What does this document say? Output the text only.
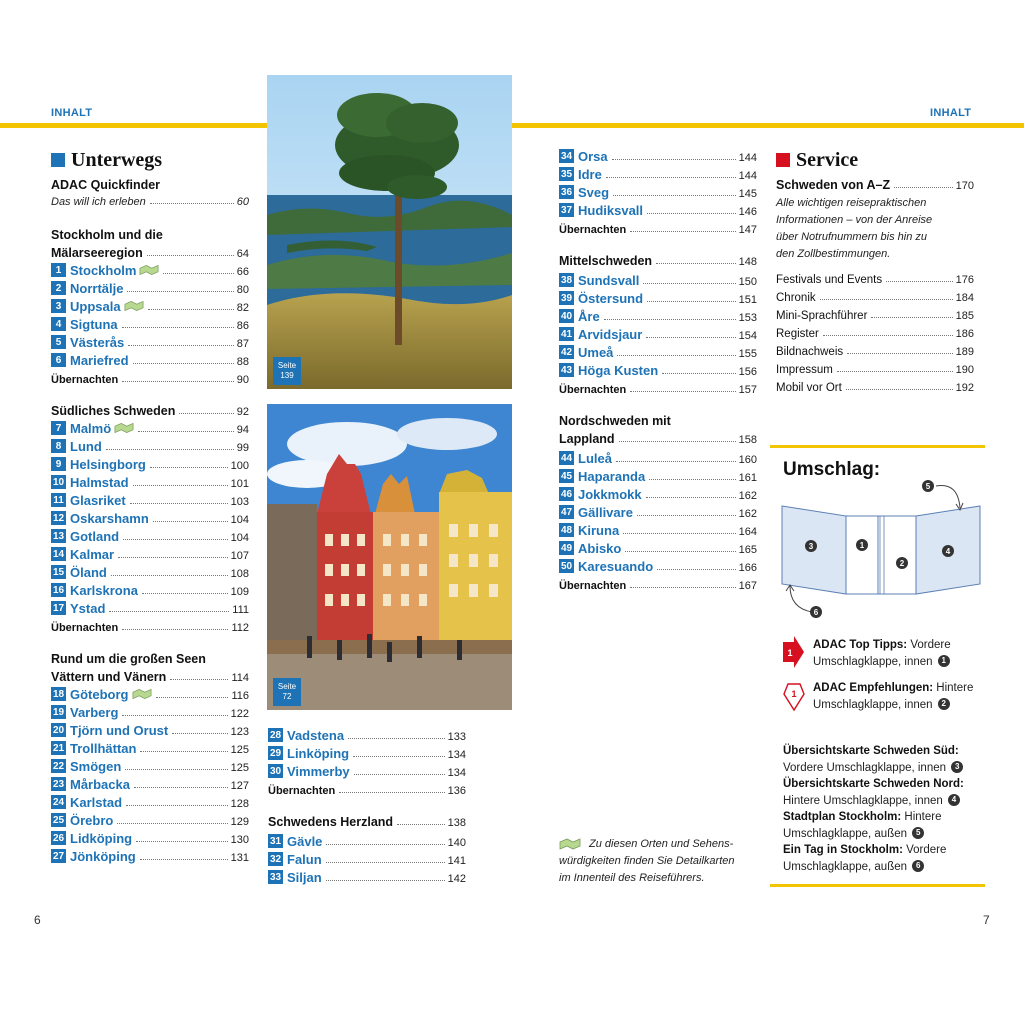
INHALT	INHALT
Unterwegs
ADAC Quickfinder
Das will ich erleben	60
Stockholm und die
Mälarseeregion	64
1 Stockholm	66
2 Norrtälje	80
3 Uppsala	82
4 Sigtuna	86
5 Västerås	87
6 Mariefred	88
Übernachten	90
Südliches Schweden	92
7 Malmö	94
8 Lund	99
9 Helsingborg	100
10 Halmstad	101
11 Glasriket	103
12 Oskarshamn	104
13 Gotland	104
14 Kalmar	107
15 Öland	108
16 Karlskrona	109
17 Ystad	111
Übernachten	112
Rund um die großen Seen
Vättern und Vänern	114
18 Göteborg	116
19 Varberg	122
20 Tjörn und Orust	123
21 Trollhättan	125
22 Smögen	125
23 Mårbacka	127
24 Karlstad	128
25 Örebro	129
26 Lidköping	130
27 Jönköping	131
Seite
139
Seite
72
28 Vadstena	133
29 Linköping	134
30 Vimmerby	134
Übernachten	136
Schwedens Herzland	138
31 Gävle	140
32 Falun	141
33 Siljan	142
34 Orsa	144
35 Idre	144
36 Sveg	145
37 Hudiksvall	146
Übernachten	147
Mittelschweden	148
38 Sundsvall	150
39 Östersund	151
40 Åre	153
41 Arvidsjaur	154
42 Umeå	155
43 Höga Kusten	156
Übernachten	157
Nordschweden mit
Lappland	158
44 Luleå	160
45 Haparanda	161
46 Jokkmokk	162
47 Gällivare	162
48 Kiruna	164
49 Abisko	165
50 Karesuando	166
Übernachten	167
Zu diesen Orten und Sehens-
würdigkeiten finden Sie Detailkarten
im Innenteil des Reiseführers.
Service
Schweden von A–Z	170
Alle wichtigen reisepraktischen
Informationen – von der Anreise
über Notrufnummern bis hin zu
den Zollbestimmungen.
Festivals und Events	176
Chronik	184
Mini-Sprachführer	185
Register	186
Bildnachweis	189
Impressum	190
Mobil vor Ort	192
Umschlag:
1
2
3
4
5
6
1
ADAC Top Tipps: Vordere
Umschlagklappe, innen 1
1 ADAC Empfehlungen: Hintere
Umschlagklappe, innen 2
Übersichtskarte Schweden Süd:
Vordere Umschlagklappe, innen 3
Übersichtskarte Schweden Nord:
Hintere Umschlagklappe, innen 4
Stadtplan Stockholm: Hintere
Umschlagklappe, außen 5
Ein Tag in Stockholm: Vordere
Umschlagklappe, außen 6
6	7
